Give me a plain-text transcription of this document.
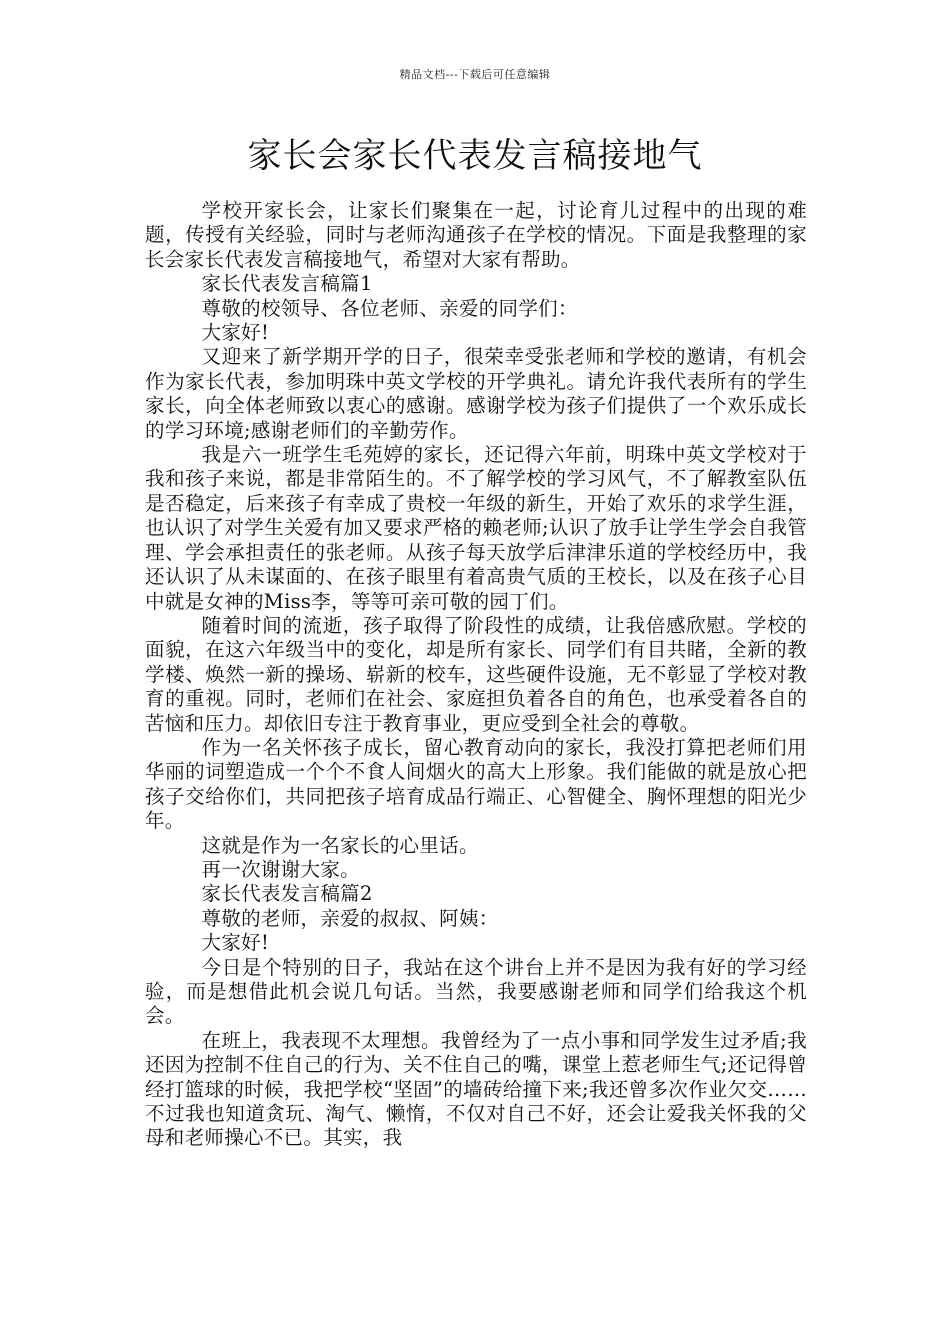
精品文档---下载后可任意编辑
家长会家长代表发言稿接地气

学校开家长会，让家长们聚集在一起，讨论育儿过程中的出现的难题，传授有关经验，同时与老师沟通孩子在学校的情况。下面是我整理的家长会家长代表发言稿接地气，希望对大家有帮助。

家长代表发言稿篇1

尊敬的校领导、各位老师、亲爱的同学们：

大家好!

又迎来了新学期开学的日子，很荣幸受张老师和学校的邀请，有机会作为家长代表，参加明珠中英文学校的开学典礼。请允许我代表所有的学生家长，向全体老师致以衷心的感谢。感谢学校为孩子们提供了一个欢乐成长的学习环境;感谢老师们的辛勤劳作。

我是六一班学生毛苑婷的家长，还记得六年前，明珠中英文学校对于我和孩子来说，都是非常陌生的。不了解学校的学习风气，不了解教室队伍是否稳定，后来孩子有幸成了贵校一年级的新生，开始了欢乐的求学生涯，也认识了对学生关爱有加又要求严格的赖老师;认识了放手让学生学会自我管理、学会承担责任的张老师。从孩子每天放学后津津乐道的学校经历中，我还认识了从未谋面的、在孩子眼里有着高贵气质的王校长，以及在孩子心目中就是女神的Miss李，等等可亲可敬的园丁们。

随着时间的流逝，孩子取得了阶段性的成绩，让我倍感欣慰。学校的面貌，在这六年级当中的变化，却是所有家长、同学们有目共睹，全新的教学楼、焕然一新的操场、崭新的校车，这些硬件设施，无不彰显了学校对教育的重视。同时，老师们在社会、家庭担负着各自的角色，也承受着各自的苦恼和压力。却依旧专注于教育事业，更应受到全社会的尊敬。

作为一名关怀孩子成长，留心教育动向的家长，我没打算把老师们用华丽的词塑造成一个个不食人间烟火的高大上形象。我们能做的就是放心把孩子交给你们，共同把孩子培育成品行端正、心智健全、胸怀理想的阳光少年。

这就是作为一名家长的心里话。

再一次谢谢大家。

家长代表发言稿篇2

尊敬的老师，亲爱的叔叔、阿姨：

大家好!

今日是个特别的日子，我站在这个讲台上并不是因为我有好的学习经验，而是想借此机会说几句话。当然，我要感谢老师和同学们给我这个机会。

在班上，我表现不太理想。我曾经为了一点小事和同学发生过矛盾;我还因为控制不住自己的行为、关不住自己的嘴，课堂上惹老师生气;还记得曾经打篮球的时候，我把学校“坚固”的墙砖给撞下来;我还曾多次作业欠交……不过我也知道贪玩、淘气、懒惰，不仅对自己不好，还会让爱我关怀我的父母和老师操心不已。其实，我
